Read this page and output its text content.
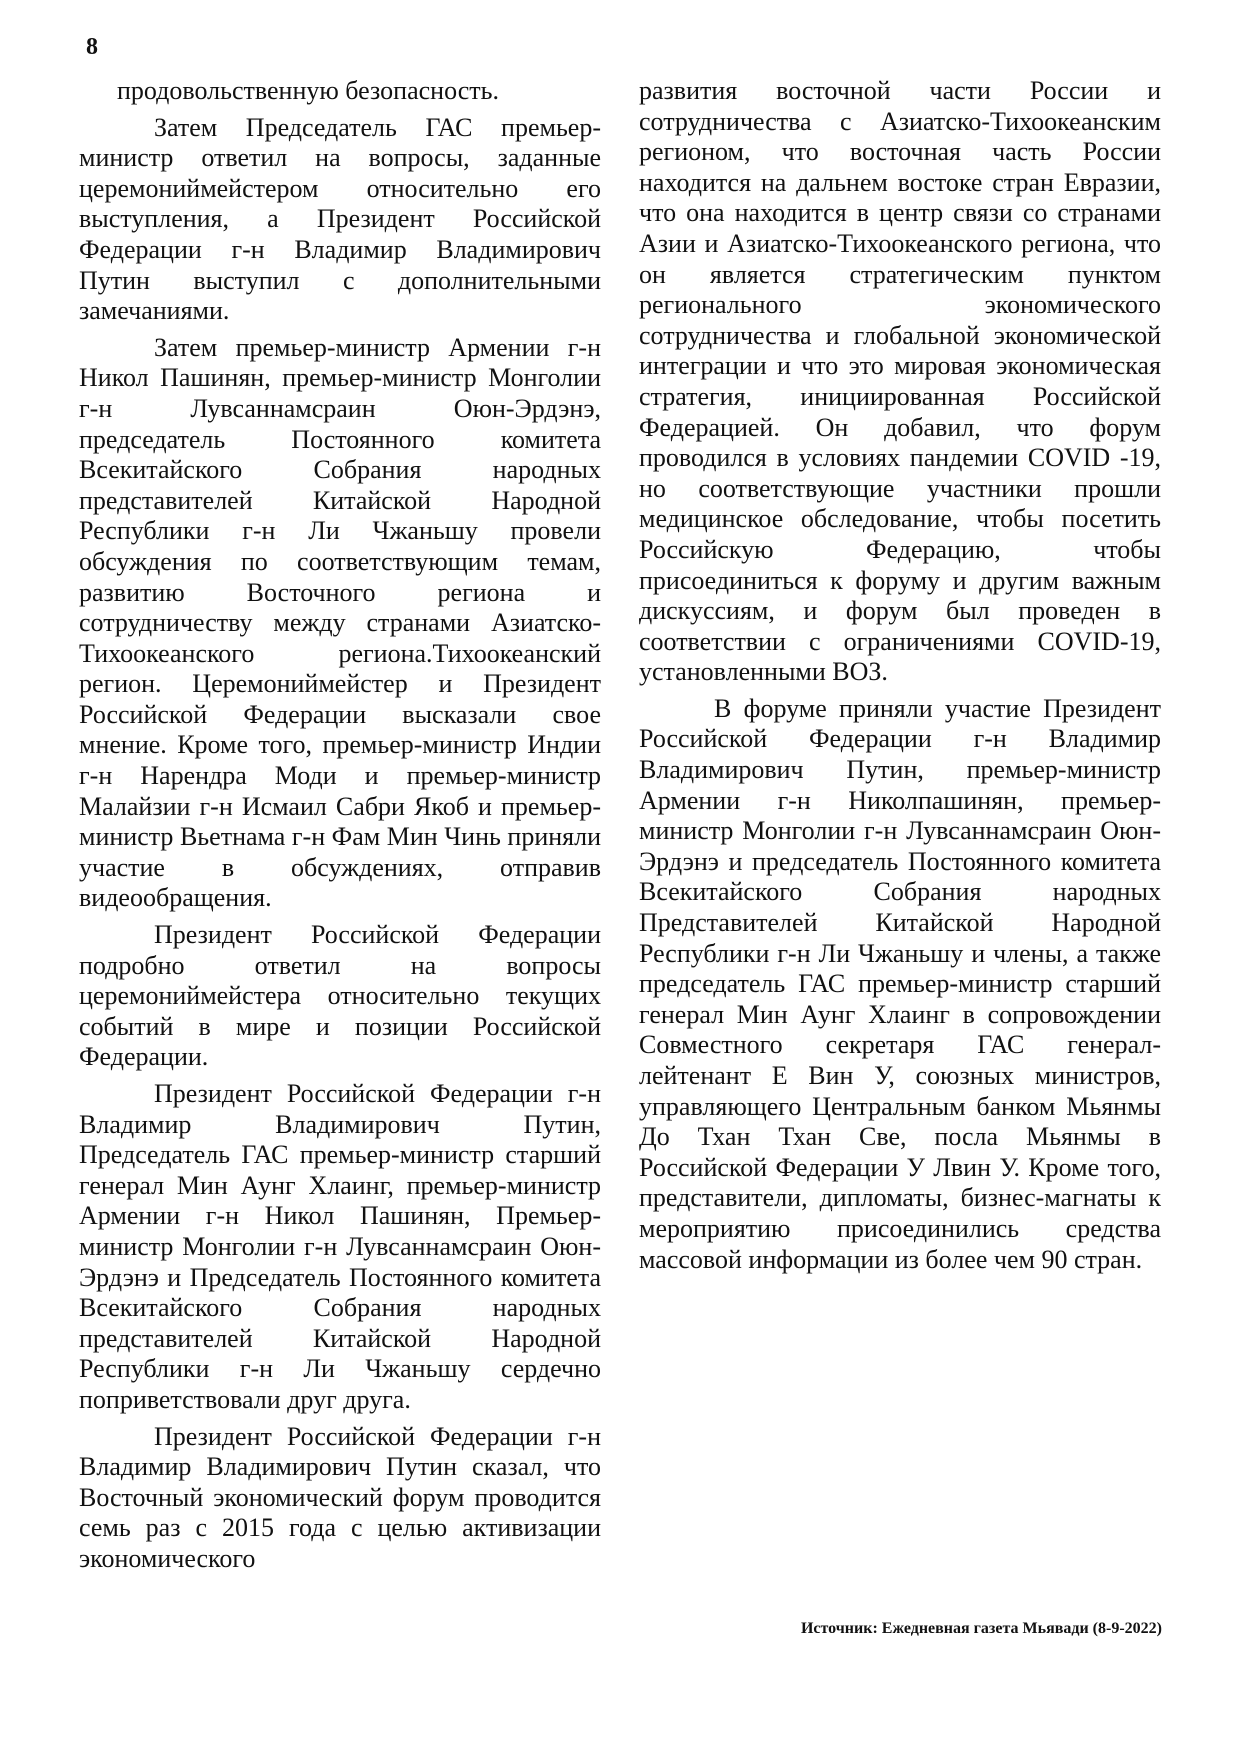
8

продовольственную безопасность.

Затем Председатель ГАС премьер-министр ответил на вопросы, заданные церемониймейстером относительно его выступления, а Президент Российской Федерации г-н Владимир Владимирович Путин выступил с дополнительными замечаниями.

Затем премьер-министр Армении г-н Никол Пашинян, премьер-министр Монголии г-н Лувсаннамсраин Оюн-Эрдэнэ, председатель Постоянного комитета Всекитайского Собрания народных представителей Китайской Народной Республики г-н Ли Чжаньшу провели обсуждения по соответствующим темам, развитию Восточного региона и сотрудничеству между странами Азиатско-Тихоокеанского региона.Тихоокеанский регион. Церемониймейстер и Президент Российской Федерации высказали свое мнение. Кроме того, премьер-министр Индии г-н Нарендра Моди и премьер-министр Малайзии г-н Исмаил Сабри Якоб и премьер-министр Вьетнама г-н Фам Мин Чинь приняли участие в обсуждениях, отправив видеообращения.

Президент Российской Федерации подробно ответил на вопросы церемониймейстера относительно текущих событий в мире и позиции Российской Федерации.

Президент Российской Федерации г-н Владимир Владимирович Путин, Председатель ГАС премьер-министр старший генерал Мин Аунг Хлаинг, премьер-министр Армении г-н Никол Пашинян, Премьер-министр Монголии г-н Лувсаннамсраин Оюн-Эрдэнэ и Председатель Постоянного комитета Всекитайского Собрания народных представителей Китайской Народной Республики г-н Ли Чжаньшу сердечно поприветствовали друг друга.

Президент Российской Федерации г-н Владимир Владимирович Путин сказал, что Восточный экономический форум проводится семь раз с 2015 года с целью активизации экономического

развития восточной части России и сотрудничества с Азиатско-Тихоокеанским регионом, что восточная часть России находится на дальнем востоке стран Евразии, что она находится в центр связи со странами Азии и Азиатско-Тихоокеанского региона, что он является стратегическим пунктом регионального экономического сотрудничества и глобальной экономической интеграции и что это мировая экономическая стратегия, инициированная Российской Федерацией. Он добавил, что форум проводился в условиях пандемии COVID -19, но соответствующие участники прошли медицинское обследование, чтобы посетить Российскую Федерацию, чтобы присоединиться к форуму и другим важным дискуссиям, и форум был проведен в соответствии с ограничениями COVID-19, установленными ВОЗ.

В форуме приняли участие Президент Российской Федерации г-н Владимир Владимирович Путин, премьер-министр Армении г-н Николпашинян, премьер-министр Монголии г-н Лувсаннамсраин Оюн-Эрдэнэ и председатель Постоянного комитета Всекитайского Собрания народных Представителей Китайской Народной Республики г-н Ли Чжаньшу и члены, а также председатель ГАС премьер-министр старший генерал Мин Аунг Хлаинг в сопровождении Совместного секретаря ГАС генерал-лейтенант Е Вин У, союзных министров, управляющего Центральным банком Мьянмы До Тхан Тхан Све, посла Мьянмы в Российской Федерации У Лвин У. Кроме того, представители, дипломаты, бизнес-магнаты к мероприятию присоединились средства массовой информации из более чем 90 стран.

Источник: Ежедневная газета Мьявади (8-9-2022)
